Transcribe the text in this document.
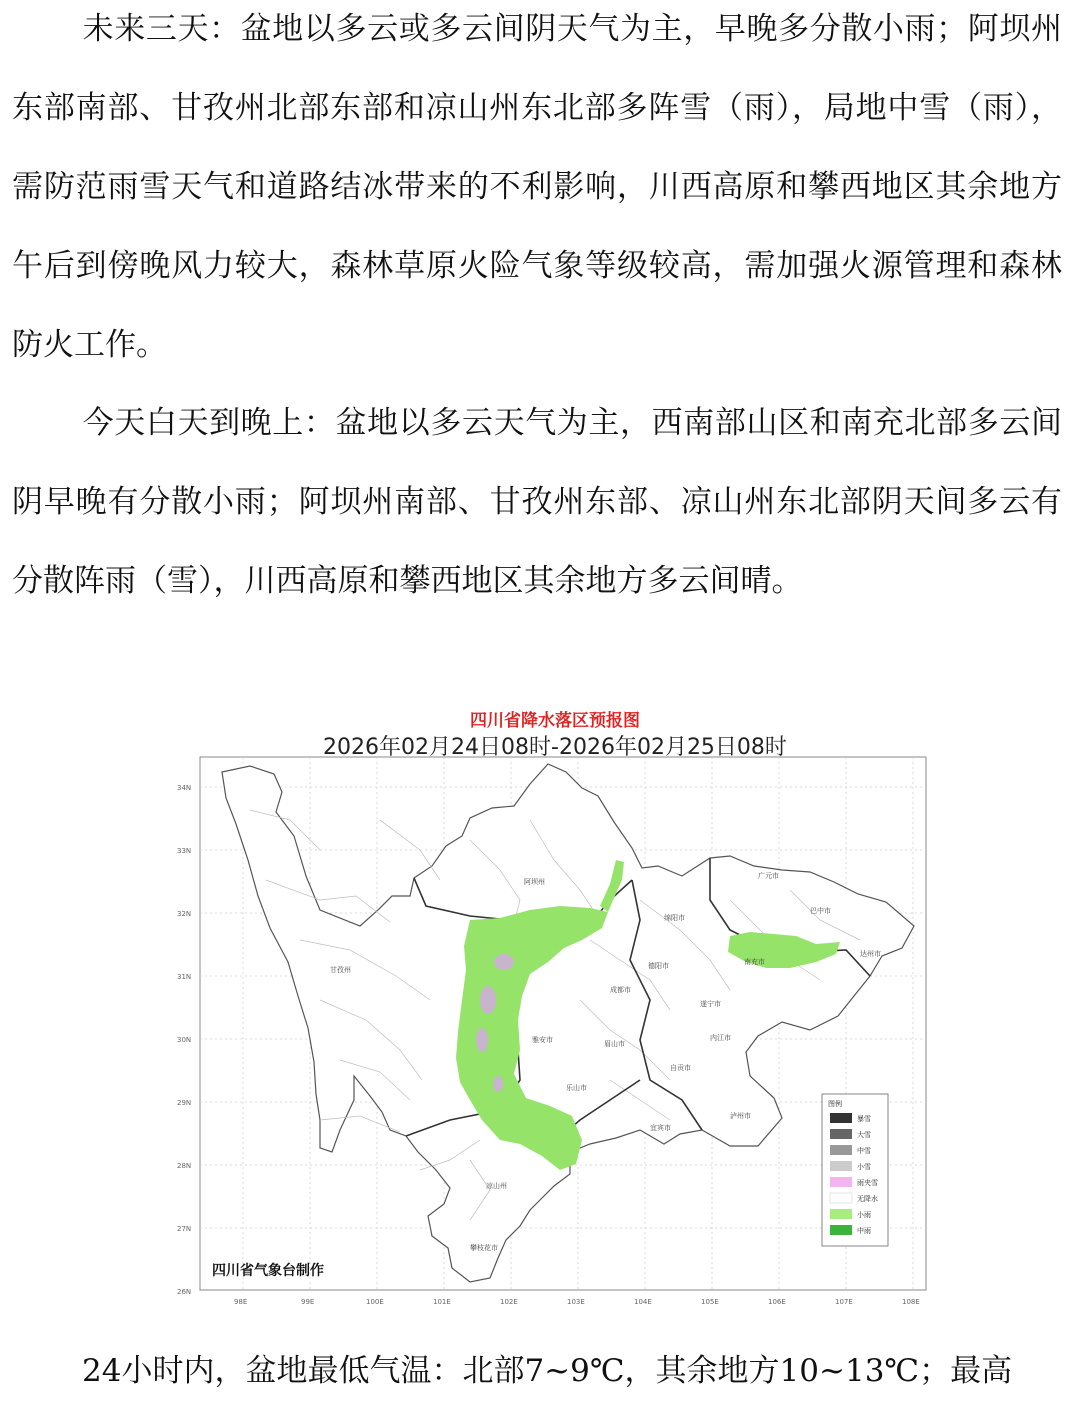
未来三天：盆地以多云或多云间阴天气为主，早晚多分散小雨；阿坝州东部南部、甘孜州北部东部和凉山州东北部多阵雪（雨），局地中雪（雨），需防范雨雪天气和道路结冰带来的不利影响，川西高原和攀西地区其余地方午后到傍晚风力较大，森林草原火险气象等级较高，需加强火源管理和森林防火工作。

今天白天到晚上：盆地以多云天气为主，西南部山区和南充北部多云间阴早晚有分散小雨；阿坝州南部、甘孜州东部、凉山州东北部阴天间多云有分散阵雨（雪），川西高原和攀西地区其余地方多云间晴。

34N
33N
32N
31N
30N
29N
28N
27N
26N
98E	99E	100E	101E	102E	103E	104E	105E	106E	107E	108E
阿坝州
广元市
巴中市
达州市
绵阳市
甘孜州	德阳市	南充市
成都市
遂宁市
雅安市	眉山市
乐山市
自贡市
内江市
宜宾市
泸州市
凉山州
攀枝花市
图例
暴雪
大雪
中雪
小雪
雨夹雪
无降水
小雨
中雨
四川省气象台制作
四川省降水落区预报图
2026年02月24日08时-2026年02月25日08时

24小时内，盆地最低气温：北部7~9℃，其余地方10~13℃；最高
